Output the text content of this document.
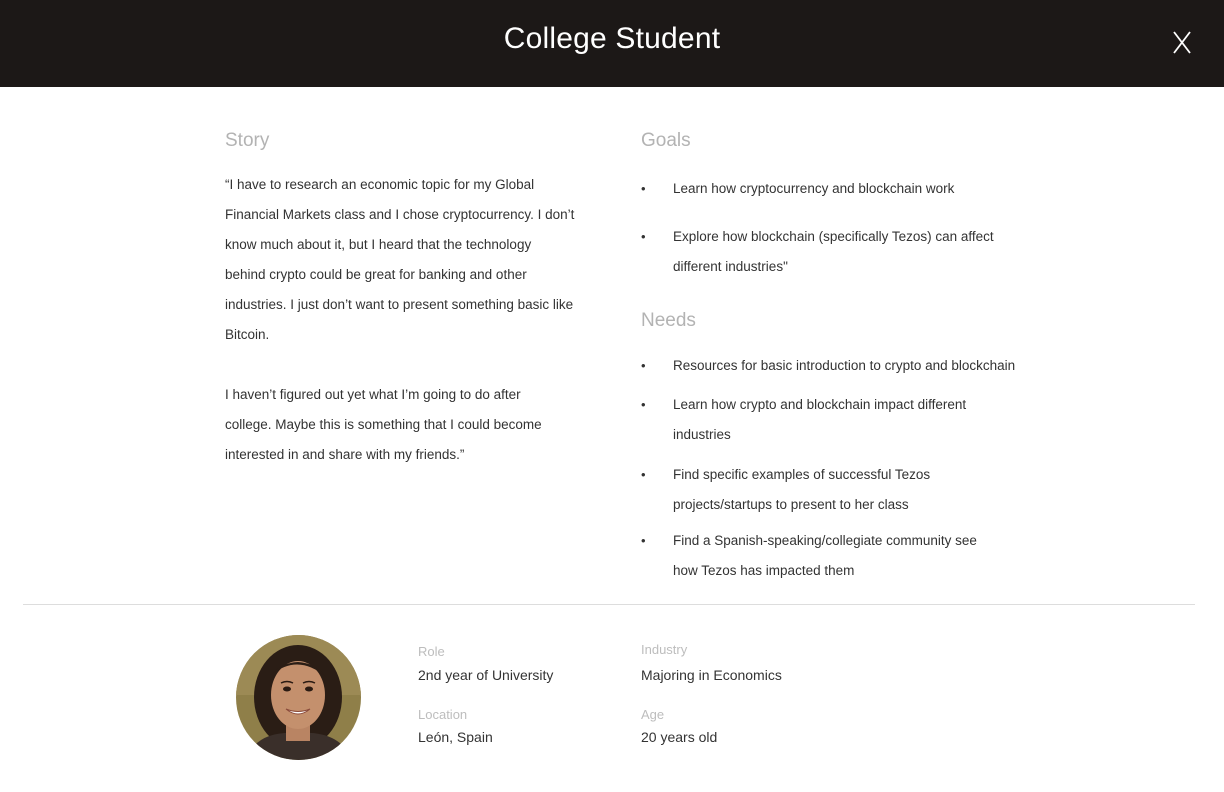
College Student
Story
“I have to research an economic topic for my Global Financial Markets class and I chose cryptocurrency. I don’t know much about it, but I heard that the technology behind crypto could be great for banking and other industries. I just don’t want to present something basic like Bitcoin.
I haven’t figured out yet what I’m going to do after college. Maybe this is something that I could become interested in and share with my friends.”
Goals
•	Learn how cryptocurrency and blockchain work
•	Explore how blockchain (specifically Tezos) can affect different industries"
Needs
•	Resources for basic introduction to crypto and blockchain
•	Learn how crypto and blockchain impact different industries
•	Find specific examples of successful Tezos projects/startups to present to her class
•	Find a Spanish-speaking/collegiate community see how Tezos has impacted them
Role
2nd year of University
Location
León, Spain
Industry
Majoring in Economics
Age
20 years old
